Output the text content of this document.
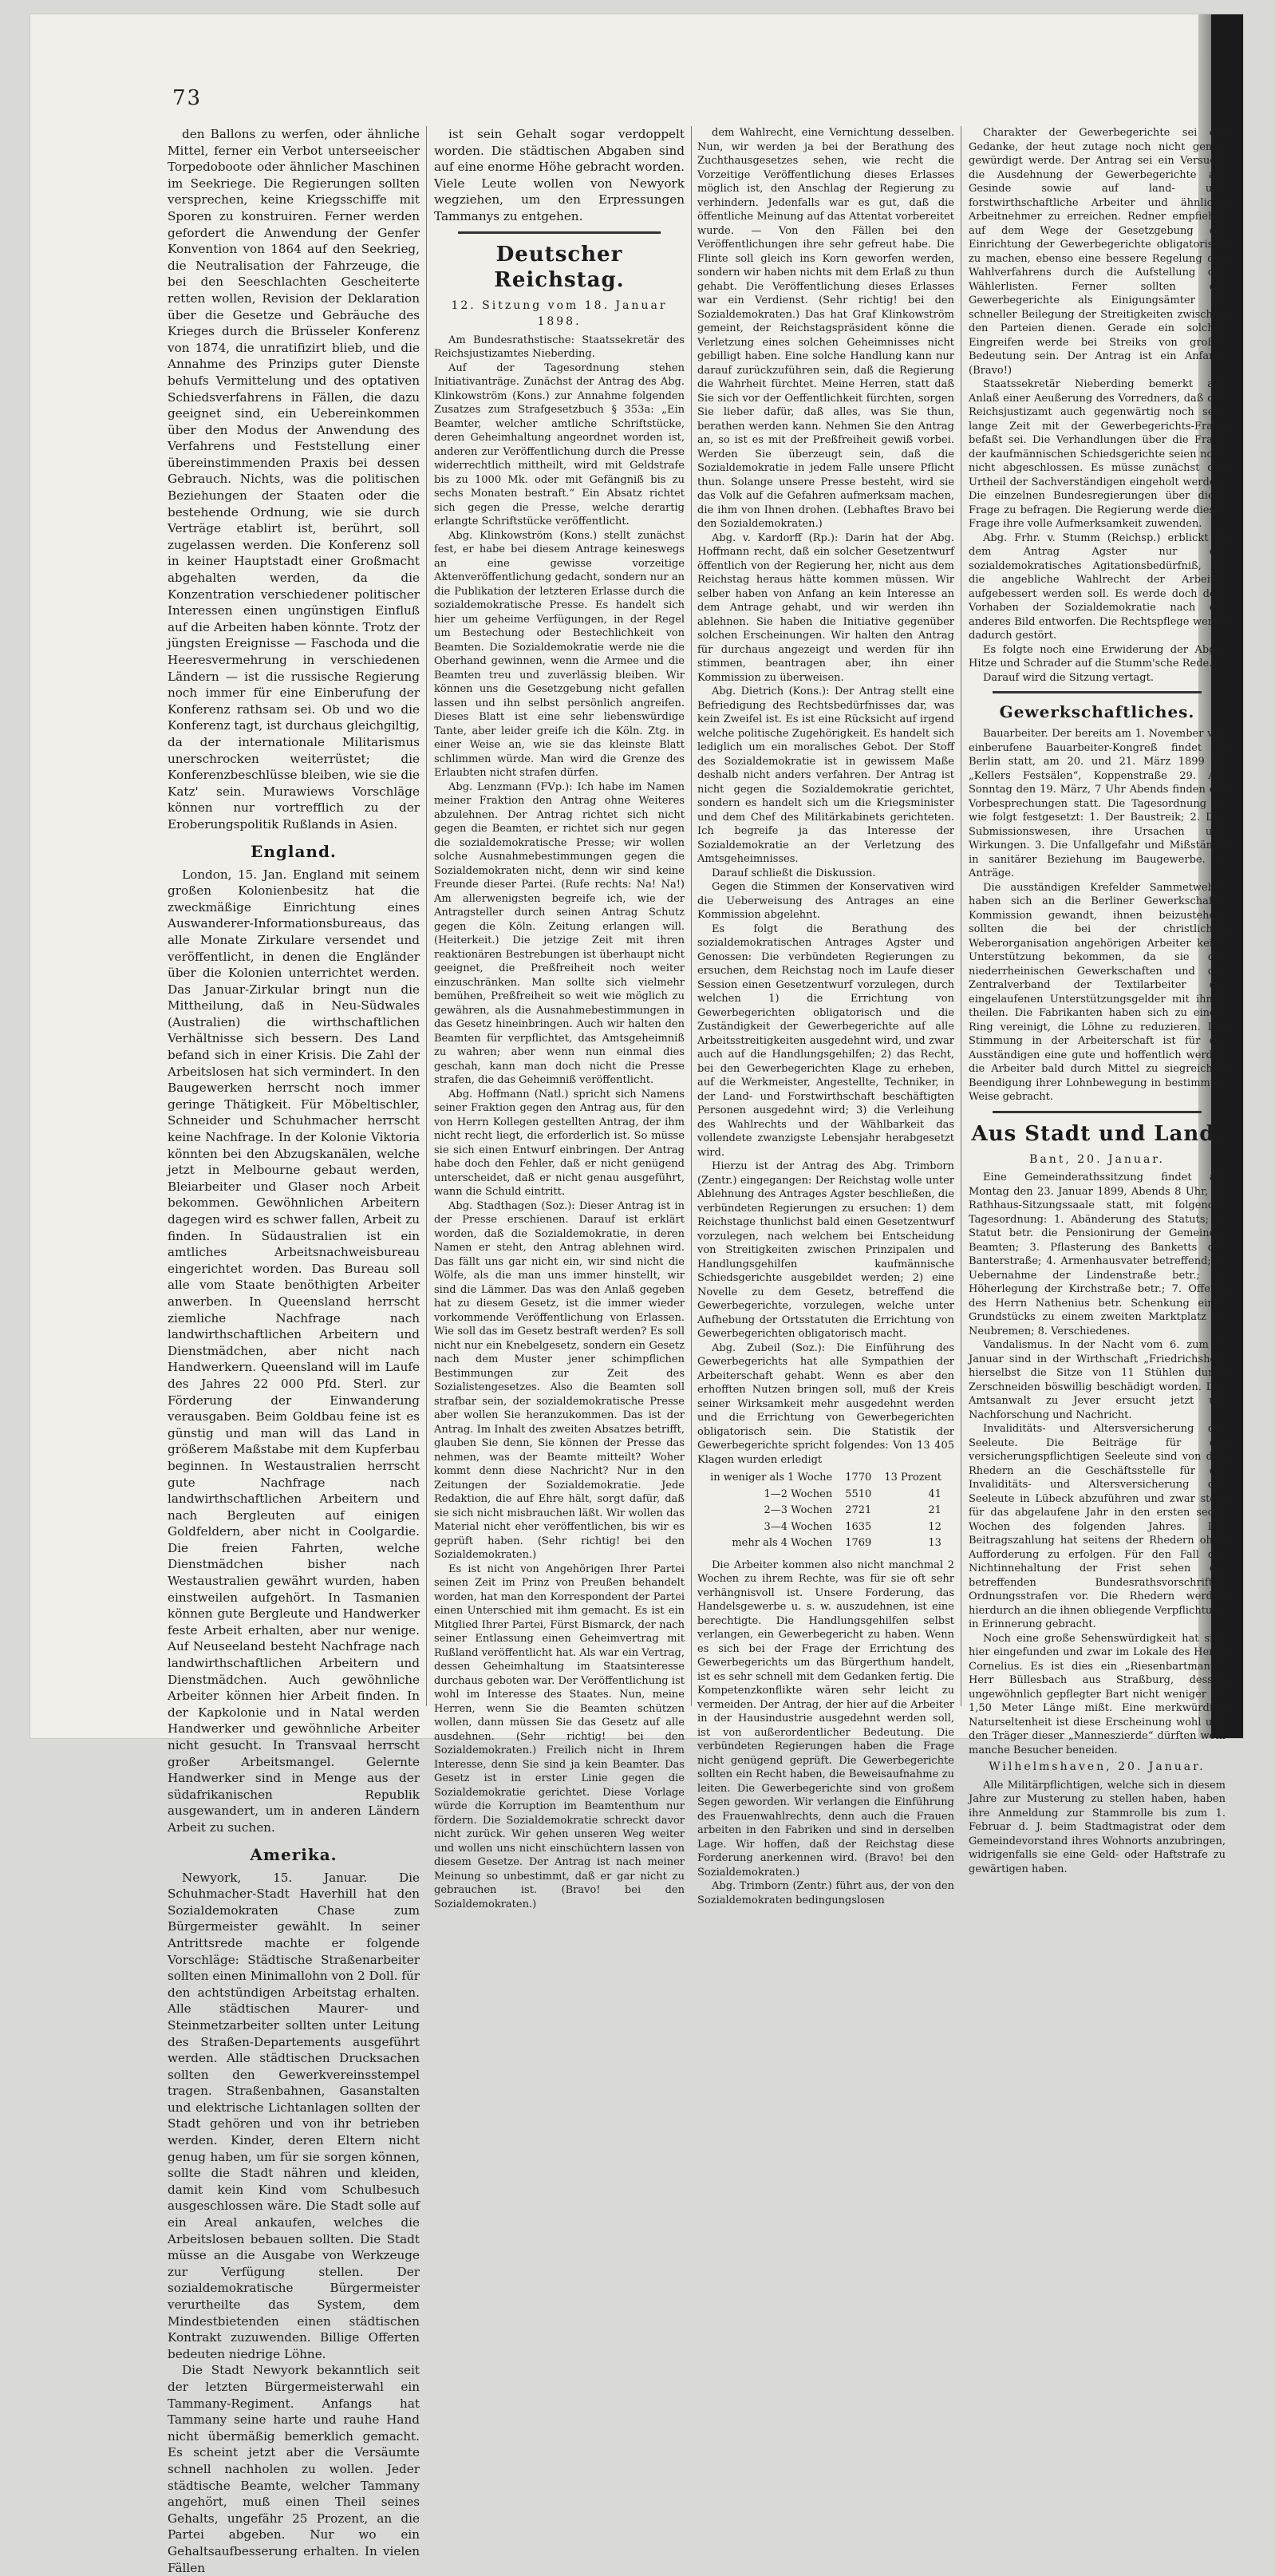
73

den Ballons zu werfen, oder ähnliche Mittel, ferner ein Verbot unterseeischer Torpedoboote oder ähnlicher Maschinen im Seekriege. Die Regierungen sollten versprechen, keine Kriegsschiffe mit Sporen zu konstruiren. Ferner werden gefordert die Anwendung der Genfer Konvention von 1864 auf den Seekrieg, die Neutralisation der Fahrzeuge, die bei den Seeschlachten Gescheiterte retten wollen, Revision der Deklaration über die Gesetze und Gebräuche des Krieges durch die Brüsseler Konferenz von 1874, die unratifizirt blieb, und die Annahme des Prinzips guter Dienste behufs Vermittelung und des optativen Schiedsverfahrens in Fällen, die dazu geeignet sind, ein Uebereinkommen über den Modus der Anwendung des Verfahrens und Feststellung einer übereinstimmenden Praxis bei dessen Gebrauch. Nichts, was die politischen Beziehungen der Staaten oder die bestehende Ordnung, wie sie durch Verträge etablirt ist, berührt, soll zugelassen werden. Die Konferenz soll in keiner Hauptstadt einer Großmacht abgehalten werden, da die Konzentration verschiedener politischer Interessen einen ungünstigen Einfluß auf die Arbeiten haben könnte. Trotz der jüngsten Ereignisse — Faschoda und die Heeresvermehrung in verschiedenen Ländern — ist die russische Regierung noch immer für eine Einberufung der Konferenz rathsam sei. Ob und wo die Konferenz tagt, ist durchaus gleichgiltig, da der internationale Militarismus unerschrocken weiterrüstet; die Konferenzbeschlüsse bleiben, wie sie die Katz' sein. Murawiews Vorschläge können nur vortrefflich zu der Eroberungspolitik Rußlands in Asien.

England.

London, 15. Jan. England mit seinem großen Kolonienbesitz hat die zweckmäßige Einrichtung eines Auswanderer-Informationsbureaus, das alle Monate Zirkulare versendet und veröffentlicht, in denen die Engländer über die Kolonien unterrichtet werden. Das Januar-Zirkular bringt nun die Mittheilung, daß in Neu-Südwales (Australien) die wirthschaftlichen Verhältnisse sich bessern. Des Land befand sich in einer Krisis. Die Zahl der Arbeitslosen hat sich vermindert. In den Baugewerken herrscht noch immer geringe Thätigkeit. Für Möbeltischler, Schneider und Schuhmacher herrscht keine Nachfrage. In der Kolonie Viktoria könnten bei den Abzugskanälen, welche jetzt in Melbourne gebaut werden, Bleiarbeiter und Glaser noch Arbeit bekommen. Gewöhnlichen Arbeitern dagegen wird es schwer fallen, Arbeit zu finden. In Südaustralien ist ein amtliches Arbeitsnachweisbureau eingerichtet worden. Das Bureau soll alle vom Staate benöthigten Arbeiter anwerben. In Queensland herrscht ziemliche Nachfrage nach landwirthschaftlichen Arbeitern und Dienstmädchen, aber nicht nach Handwerkern. Queensland will im Laufe des Jahres 22 000 Pfd. Sterl. zur Förderung der Einwanderung verausgaben. Beim Goldbau feine ist es günstig und man will das Land in größerem Maßstabe mit dem Kupferbau beginnen. In Westaustralien herrscht gute Nachfrage nach landwirthschaftlichen Arbeitern und nach Bergleuten auf einigen Goldfeldern, aber nicht in Coolgardie. Die freien Fahrten, welche Dienstmädchen bisher nach Westaustralien gewährt wurden, haben einstweilen aufgehört. In Tasmanien können gute Bergleute und Handwerker feste Arbeit erhalten, aber nur wenige. Auf Neuseeland besteht Nachfrage nach landwirthschaftlichen Arbeitern und Dienstmädchen. Auch gewöhnliche Arbeiter können hier Arbeit finden. In der Kapkolonie und in Natal werden Handwerker und gewöhnliche Arbeiter nicht gesucht. In Transvaal herrscht großer Arbeitsmangel. Gelernte Handwerker sind in Menge aus der südafrikanischen Republik ausgewandert, um in anderen Ländern Arbeit zu suchen.

Amerika.

Newyork, 15. Januar. Die Schuhmacher-Stadt Haverhill hat den Sozialdemokraten Chase zum Bürgermeister gewählt. In seiner Antrittsrede machte er folgende Vorschläge: Städtische Straßenarbeiter sollten einen Minimallohn von 2 Doll. für den achtstündigen Arbeitstag erhalten. Alle städtischen Maurer- und Steinmetzarbeiter sollten unter Leitung des Straßen-Departements ausgeführt werden. Alle städtischen Drucksachen sollten den Gewerkvereinsstempel tragen. Straßenbahnen, Gasanstalten und elektrische Lichtanlagen sollten der Stadt gehören und von ihr betrieben werden. Kinder, deren Eltern nicht genug haben, um für sie sorgen können, sollte die Stadt nähren und kleiden, damit kein Kind vom Schulbesuch ausgeschlossen wäre. Die Stadt solle auf ein Areal ankaufen, welches die Arbeitslosen bebauen sollten. Die Stadt müsse an die Ausgabe von Werkzeuge zur Verfügung stellen. Der sozialdemokratische Bürgermeister verurtheilte das System, dem Mindestbietenden einen städtischen Kontrakt zuzuwenden. Billige Offerten bedeuten niedrige Löhne.

Die Stadt Newyork bekanntlich seit der letzten Bürgermeisterwahl ein Tammany-Regiment. Anfangs hat Tammany seine harte und rauhe Hand nicht übermäßig bemerklich gemacht. Es scheint jetzt aber die Versäumte schnell nachholen zu wollen. Jeder städtische Beamte, welcher Tammany angehört, muß einen Theil seines Gehalts, ungefähr 25 Prozent, an die Partei abgeben. Nur wo ein Gehaltsaufbesserung erhalten. In vielen Fällen

ist sein Gehalt sogar verdoppelt worden. Die städtischen Abgaben sind auf eine enorme Höhe gebracht worden. Viele Leute wollen von Newyork wegziehen, um den Erpressungen Tammanys zu entgehen.

Deutscher Reichstag.
12. Sitzung vom 18. Januar 1898.

Am Bundesrathstische: Staatssekretär des Reichsjustizamtes Nieberding.

Auf der Tagesordnung stehen Initiativanträge. Zunächst der Antrag des Abg. Klinkowström (Kons.) zur Annahme folgenden Zusatzes zum Strafgesetzbuch § 353a: „Ein Beamter, welcher amtliche Schriftstücke, deren Geheimhaltung angeordnet worden ist, anderen zur Veröffentlichung durch die Presse widerrechtlich mittheilt, wird mit Geldstrafe bis zu 1000 Mk. oder mit Gefängniß bis zu sechs Monaten bestraft.“ Ein Absatz richtet sich gegen die Presse, welche derartig erlangte Schriftstücke veröffentlicht.

Abg. Klinkowström (Kons.) stellt zunächst fest, er habe bei diesem Antrage keineswegs an eine gewisse vorzeitige Aktenveröffentlichung gedacht, sondern nur an die Publikation der letzteren Erlasse durch die sozialdemokratische Presse. Es handelt sich hier um geheime Verfügungen, in der Regel um Bestechung oder Bestechlichkeit von Beamten. Die Sozialdemokratie werde nie die Oberhand gewinnen, wenn die Armee und die Beamten treu und zuverlässig bleiben. Wir können uns die Gesetzgebung nicht gefallen lassen und ihn selbst persönlich angreifen. Dieses Blatt ist eine sehr liebenswürdige Tante, aber leider greife ich die Köln. Ztg. in einer Weise an, wie sie das kleinste Blatt schlimmen würde. Man wird die Grenze des Erlaubten nicht strafen dürfen.

Abg. Lenzmann (FVp.): Ich habe im Namen meiner Fraktion den Antrag ohne Weiteres abzulehnen. Der Antrag richtet sich nicht gegen die Beamten, er richtet sich nur gegen die sozialdemokratische Presse; wir wollen solche Ausnahmebestimmungen gegen die Sozialdemokraten nicht, denn wir sind keine Freunde dieser Partei. (Rufe rechts: Na! Na!) Am allerwenigsten begreife ich, wie der Antragsteller durch seinen Antrag Schutz gegen die Köln. Zeitung erlangen will. (Heiterkeit.) Die jetzige Zeit mit ihren reaktionären Bestrebungen ist überhaupt nicht geeignet, die Preßfreiheit noch weiter einzuschränken. Man sollte sich vielmehr bemühen, Preßfreiheit so weit wie möglich zu gewähren, als die Ausnahmebestimmungen in das Gesetz hineinbringen. Auch wir halten den Beamten für verpflichtet, das Amtsgeheimniß zu wahren; aber wenn nun einmal dies geschah, kann man doch nicht die Presse strafen, die das Geheimniß veröffentlicht.

Abg. Hoffmann (Natl.) spricht sich Namens seiner Fraktion gegen den Antrag aus, für den von Herrn Kollegen gestellten Antrag, der ihm nicht recht liegt, die erforderlich ist. So müsse sie sich einen Entwurf einbringen. Der Antrag habe doch den Fehler, daß er nicht genügend unterscheidet, daß er nicht genau ausgeführt, wann die Schuld eintritt.

Abg. Stadthagen (Soz.): Dieser Antrag ist in der Presse erschienen. Darauf ist erklärt worden, daß die Sozialdemokratie, in deren Namen er steht, den Antrag ablehnen wird. Das fällt uns gar nicht ein, wir sind nicht die Wölfe, als die man uns immer hinstellt, wir sind die Lämmer. Das was den Anlaß gegeben hat zu diesem Gesetz, ist die immer wieder vorkommende Veröffentlichung von Erlassen. Wie soll das im Gesetz bestraft werden? Es soll nicht nur ein Knebelgesetz, sondern ein Gesetz nach dem Muster jener schimpflichen Bestimmungen zur Zeit des Sozialistengesetzes. Also die Beamten soll strafbar sein, der sozialdemokratische Presse aber wollen Sie heranzukommen. Das ist der Antrag. Im Inhalt des zweiten Absatzes betrifft, glauben Sie denn, Sie können der Presse das nehmen, was der Beamte mitteilt? Woher kommt denn diese Nachricht? Nur in den Zeitungen der Sozialdemokratie. Jede Redaktion, die auf Ehre hält, sorgt dafür, daß sie sich nicht misbrauchen läßt. Wir wollen das Material nicht eher veröffentlichen, bis wir es geprüft haben. (Sehr richtig! bei den Sozialdemokraten.)

Es ist nicht von Angehörigen Ihrer Partei seinen Zeit im Prinz von Preußen behandelt worden, hat man den Korrespondent der Partei einen Unterschied mit ihm gemacht. Es ist ein Mitglied Ihrer Partei, Fürst Bismarck, der nach seiner Entlassung einen Geheimvertrag mit Rußland veröffentlicht hat. Als war ein Vertrag, dessen Geheimhaltung im Staatsinteresse durchaus geboten war. Der Veröffentlichung ist wohl im Interesse des Staates. Nun, meine Herren, wenn Sie die Beamten schützen wollen, dann müssen Sie das Gesetz auf alle ausdehnen. (Sehr richtig! bei den Sozialdemokraten.) Freilich nicht in Ihrem Interesse, denn Sie sind ja kein Beamter. Das Gesetz ist in erster Linie gegen die Sozialdemokratie gerichtet. Diese Vorlage würde die Korruption im Beamtenthum nur fördern. Die Sozialdemokratie schreckt davor nicht zurück. Wir gehen unseren Weg weiter und wollen uns nicht einschüchtern lassen von diesem Gesetze. Der Antrag ist nach meiner Meinung so unbestimmt, daß er gar nicht zu gebrauchen ist. (Bravo! bei den Sozialdemokraten.)

dem Wahlrecht, eine Vernichtung desselben. Nun, wir werden ja bei der Berathung des Zuchthausgesetzes sehen, wie recht die Vorzeitige Veröffentlichung dieses Erlasses möglich ist, den Anschlag der Regierung zu verhindern. Jedenfalls war es gut, daß die öffentliche Meinung auf das Attentat vorbereitet wurde. — Von den Fällen bei den Veröffentlichungen ihre sehr gefreut habe. Die Flinte soll gleich ins Korn geworfen werden, sondern wir haben nichts mit dem Erlaß zu thun gehabt. Die Veröffentlichung dieses Erlasses war ein Verdienst. (Sehr richtig! bei den Sozialdemokraten.) Das hat Graf Klinkowström gemeint, der Reichstagspräsident könne die Verletzung eines solchen Geheimnisses nicht gebilligt haben. Eine solche Handlung kann nur darauf zurückzuführen sein, daß die Regierung die Wahrheit fürchtet. Meine Herren, statt daß Sie sich vor der Oeffentlichkeit fürchten, sorgen Sie lieber dafür, daß alles, was Sie thun, berathen werden kann. Nehmen Sie den Antrag an, so ist es mit der Preßfreiheit gewiß vorbei. Werden Sie überzeugt sein, daß die Sozialdemokratie in jedem Falle unsere Pflicht thun. Solange unsere Presse besteht, wird sie das Volk auf die Gefahren aufmerksam machen, die ihm von Ihnen drohen. (Lebhaftes Bravo bei den Sozialdemokraten.)

Abg. v. Kardorff (Rp.): Darin hat der Abg. Hoffmann recht, daß ein solcher Gesetzentwurf öffentlich von der Regierung her, nicht aus dem Reichstag heraus hätte kommen müssen. Wir selber haben von Anfang an kein Interesse an dem Antrage gehabt, und wir werden ihn ablehnen. Sie haben die Initiative gegenüber solchen Erscheinungen. Wir halten den Antrag für durchaus angezeigt und werden für ihn stimmen, beantragen aber, ihn einer Kommission zu überweisen.

Abg. Dietrich (Kons.): Der Antrag stellt eine Befriedigung des Rechtsbedürfnisses dar, was kein Zweifel ist. Es ist eine Rücksicht auf irgend welche politische Zugehörigkeit. Es handelt sich lediglich um ein moralisches Gebot. Der Stoff des Sozialdemokratie ist in gewissem Maße deshalb nicht anders verfahren. Der Antrag ist nicht gegen die Sozialdemokratie gerichtet, sondern es handelt sich um die Kriegsminister und dem Chef des Militärkabinets gerichteten. Ich begreife ja das Interesse der Sozialdemokratie an der Verletzung des Amtsgeheimnisses.

Darauf schließt die Diskussion.

Gegen die Stimmen der Konservativen wird die Ueberweisung des Antrages an eine Kommission abgelehnt.

Es folgt die Berathung des sozialdemokratischen Antrages Agster und Genossen: Die verbündeten Regierungen zu ersuchen, dem Reichstag noch im Laufe dieser Session einen Gesetzentwurf vorzulegen, durch welchen 1) die Errichtung von Gewerbegerichten obligatorisch und die Zuständigkeit der Gewerbegerichte auf alle Arbeitsstreitigkeiten ausgedehnt wird, und zwar auch auf die Handlungsgehilfen; 2) das Recht, bei den Gewerbegerichten Klage zu erheben, auf die Werkmeister, Angestellte, Techniker, in der Land- und Forstwirthschaft beschäftigten Personen ausgedehnt wird; 3) die Verleihung des Wahlrechts und der Wählbarkeit das vollendete zwanzigste Lebensjahr herabgesetzt wird.

Hierzu ist der Antrag des Abg. Trimborn (Zentr.) eingegangen: Der Reichstag wolle unter Ablehnung des Antrages Agster beschließen, die verbündeten Regierungen zu ersuchen: 1) dem Reichstage thunlichst bald einen Gesetzentwurf vorzulegen, nach welchem bei Entscheidung von Streitigkeiten zwischen Prinzipalen und Handlungsgehilfen kaufmännische Schiedsgerichte ausgebildet werden; 2) eine Novelle zu dem Gesetz, betreffend die Gewerbegerichte, vorzulegen, welche unter Aufhebung der Ortsstatuten die Errichtung von Gewerbegerichten obligatorisch macht.

Abg. Zubeil (Soz.): Die Einführung des Gewerbegerichts hat alle Sympathien der Arbeiterschaft gehabt. Wenn es aber den erhofften Nutzen bringen soll, muß der Kreis seiner Wirksamkeit mehr ausgedehnt werden und die Errichtung von Gewerbegerichten obligatorisch sein. Die Statistik der Gewerbegerichte spricht folgendes: Von 13 405 Klagen wurden erledigt

in weniger als 1 Woche	1770	13 Prozent
1—2 Wochen	5510	41
2—3 Wochen	2721	21
3—4 Wochen	1635	12
mehr als 4 Wochen	1769	13

Die Arbeiter kommen also nicht manchmal 2 Wochen zu ihrem Rechte, was für sie oft sehr verhängnisvoll ist. Unsere Forderung, das Handelsgewerbe u. s. w. auszudehnen, ist eine berechtigte. Die Handlungsgehilfen selbst verlangen, ein Gewerbegericht zu haben. Wenn es sich bei der Frage der Errichtung des Gewerbegerichts um das Bürgerthum handelt, ist es sehr schnell mit dem Gedanken fertig. Die Kompetenzkonflikte wären sehr leicht zu vermeiden. Der Antrag, der hier auf die Arbeiter in der Hausindustrie ausgedehnt werden soll, ist von außerordentlicher Bedeutung. Die verbündeten Regierungen haben die Frage nicht genügend geprüft. Die Gewerbegerichte sollten ein Recht haben, die Beweisaufnahme zu leiten. Die Gewerbegerichte sind von großem Segen geworden. Wir verlangen die Einführung des Frauenwahlrechts, denn auch die Frauen arbeiten in den Fabriken und sind in derselben Lage. Wir hoffen, daß der Reichstag diese Forderung anerkennen wird. (Bravo! bei den Sozialdemokraten.)

Abg. Trimborn (Zentr.) führt aus, der von den Sozialdemokraten bedingungslosen

Charakter der Gewerbegerichte sei ein Gedanke, der heut zutage noch nicht genug gewürdigt werde. Der Antrag sei ein Versuch, die Ausdehnung der Gewerbegerichte auf Gesinde sowie auf land- und forstwirthschaftliche Arbeiter und ähnliche Arbeitnehmer zu erreichen. Redner empfiehlt, auf dem Wege der Gesetzgebung die Einrichtung der Gewerbegerichte obligatorisch zu machen, ebenso eine bessere Regelung des Wahlverfahrens durch die Aufstellung der Wählerlisten. Ferner sollten die Gewerbegerichte als Einigungsämter zu schneller Beilegung der Streitigkeiten zwischen den Parteien dienen. Gerade ein solches Eingreifen werde bei Streiks von großer Bedeutung sein. Der Antrag ist ein Anfang. (Bravo!)

Staatssekretär Nieberding bemerkt aus Anlaß einer Aeußerung des Vorredners, daß das Reichsjustizamt auch gegenwärtig noch sehr lange Zeit mit der Gewerbegerichts-Frage befaßt sei. Die Verhandlungen über die Frage der kaufmännischen Schiedsgerichte seien noch nicht abgeschlossen. Es müsse zunächst das Urtheil der Sachverständigen eingeholt werden. Die einzelnen Bundesregierungen über diese Frage zu befragen. Die Regierung werde dieser Frage ihre volle Aufmerksamkeit zuwenden.

Abg. Frhr. v. Stumm (Reichsp.) erblickt in dem Antrag Agster nur ein sozialdemokratisches Agitationsbedürfniß, da die angebliche Wahlrecht der Arbeiter aufgebessert werden soll. Es werde doch dem Vorhaben der Sozialdemokratie nach ein anderes Bild entworfen. Die Rechtspflege werde dadurch gestört.

Es folgte noch eine Erwiderung der Abgg. Hitze und Schrader auf die Stumm'sche Rede.

Darauf wird die Sitzung vertagt.

Gewerkschaftliches.

Bauarbeiter. Der bereits am 1. November v. J. einberufene Bauarbeiter-Kongreß findet in Berlin statt, am 20. und 21. März 1899 im „Kellers Festsälen“, Koppenstraße 29. Am Sonntag den 19. März, 7 Uhr Abends finden die Vorbesprechungen statt. Die Tagesordnung ist wie folgt festgesetzt: 1. Der Baustreik; 2. Das Submissionswesen, ihre Ursachen und Wirkungen. 3. Die Unfallgefahr und Mißstände in sanitärer Beziehung im Baugewerbe. 3. Anträge.

Die ausständigen Krefelder Sammetweber haben sich an die Berliner Gewerkschafts-Kommission gewandt, ihnen beizustehen; sollten die bei der christlichen Weberorganisation angehörigen Arbeiter keine Unterstützung bekommen, da sie der niederrheinischen Gewerkschaften und der Zentralverband der Textilarbeiter die eingelaufenen Unterstützungsgelder mit ihnen theilen. Die Fabrikanten haben sich zu einem Ring vereinigt, die Löhne zu reduzieren. Die Stimmung in der Arbeiterschaft ist für die Ausständigen eine gute und hoffentlich werden die Arbeiter bald durch Mittel zu siegreichen Beendigung ihrer Lohnbewegung in bestimmter Weise gebracht.

Aus Stadt und Land.
Bant, 20. Januar.

Eine Gemeinderathssitzung findet am Montag den 23. Januar 1899, Abends 8 Uhr, im Rathhaus-Sitzungssaale statt, mit folgender Tagesordnung: 1. Abänderung des Statuts; 2. Statut betr. die Pensionirung der Gemeinde-Beamten; 3. Pflasterung des Banketts der Banterstraße; 4. Armenhausvater betreffend; 5. Uebernahme der Lindenstraße betr.; 6. Höherlegung der Kirchstraße betr.; 7. Offerte des Herrn Nathenius betr. Schenkung eines Grundstücks zu einem zweiten Marktplatz zu Neubremen; 8. Verschiedenes.

Vandalismus. In der Nacht vom 6. zum 7. Januar sind in der Wirthschaft „Friedrichshof“ hierselbst die Sitze von 11 Stühlen durch Zerschneiden böswillig beschädigt worden. Der Amtsanwalt zu Jever ersucht jetzt um Nachforschung und Nachricht.

Invaliditäts- und Altersversicherung der Seeleute. Die Beiträge für die versicherungspflichtigen Seeleute sind von den Rhedern an die Geschäftsstelle für die Invaliditäts- und Altersversicherung der Seeleute in Lübeck abzuführen und zwar stets für das abgelaufene Jahr in den ersten sechs Wochen des folgenden Jahres. Die Beitragszahlung hat seitens der Rhedern ohne Aufforderung zu erfolgen. Für den Fall der Nichtinnehaltung der Frist sehen die betreffenden Bundesrathsvorschriften Ordnungsstrafen vor. Die Rhedern werden hierdurch an die ihnen obliegende Verpflichtung in Erinnerung gebracht.

Noch eine große Sehenswürdigkeit hat sich hier eingefunden und zwar im Lokale des Herrn Cornelius. Es ist dies ein „Riesenbartmann“, Herr Büllesbach aus Straßburg, dessen ungewöhnlich gepflegter Bart nicht weniger als 1,50 Meter Länge mißt. Eine merkwürdige Naturseltenheit ist diese Erscheinung wohl und den Träger dieser „Manneszierde“ dürften wohl manche Besucher beneiden.

Wilhelmshaven, 20. Januar.

Alle Militärpflichtigen, welche sich in diesem Jahre zur Musterung zu stellen haben, haben ihre Anmeldung zur Stammrolle bis zum 1. Februar d. J. beim Stadtmagistrat oder dem Gemeindevorstand ihres Wohnorts anzubringen, widrigenfalls sie eine Geld- oder Haftstrafe zu gewärtigen haben.
